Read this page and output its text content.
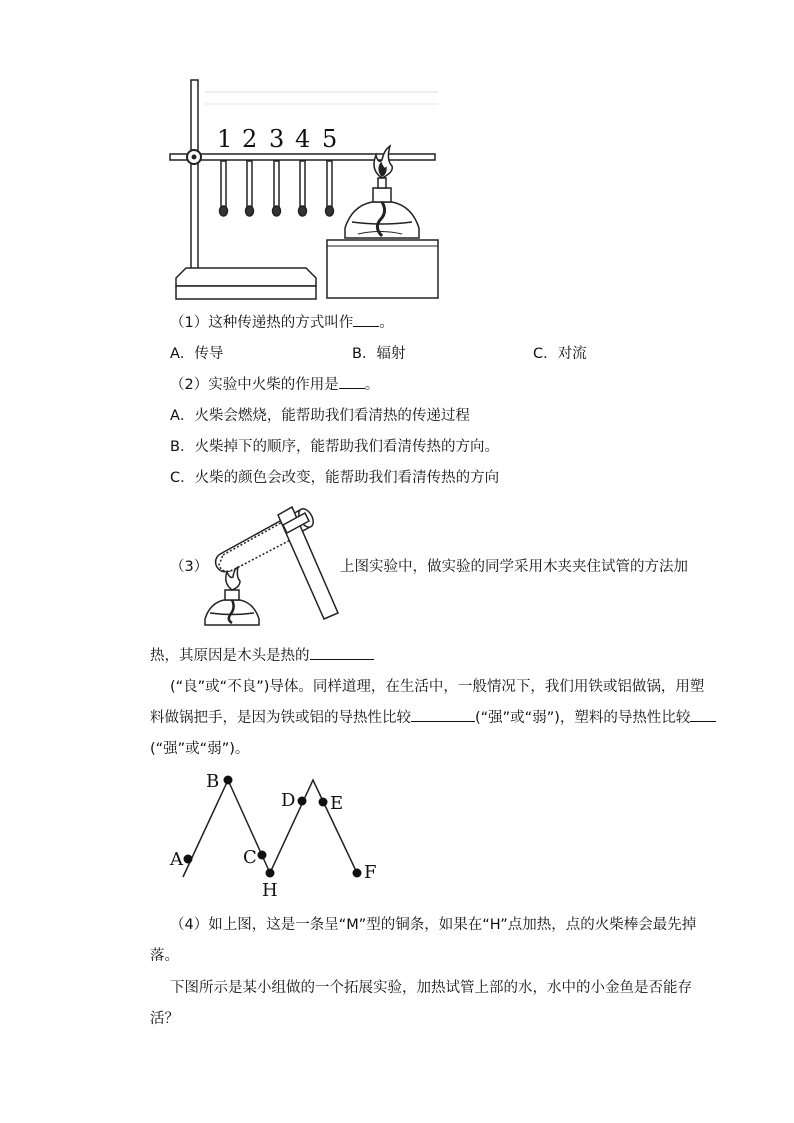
1 2 3 4 5
（1）这种传递热的方式叫作 。
A．传导	B．辐射	C．对流
（2）实验中火柴的作用是 。
A．火柴会燃烧，能帮助我们看清热的传递过程
B．火柴掉下的顺序，能帮助我们看清传热的方向。
C．火柴的颜色会改变，能帮助我们看清传热的方向
（3）	上图实验中，做实验的同学采用木夹夹住试管的方法加
热，其原因是木头是热的
(“良”或“不良”)导体。同样道理，在生活中，一般情况下，我们用铁或铝做锅，用塑
料做锅把手，是因为铁或铝的导热性比较	(“强”或“弱”)，塑料的导热性比较
(“强”或“弱”)。
A
B
C
D E
F
H
（4）如上图，这是一条呈“M”型的铜条，如果在“H”点加热，点的火柴棒会最先掉
落。
下图所示是某小组做的一个拓展实验，加热试管上部的水，水中的小金鱼是否能存
活？
